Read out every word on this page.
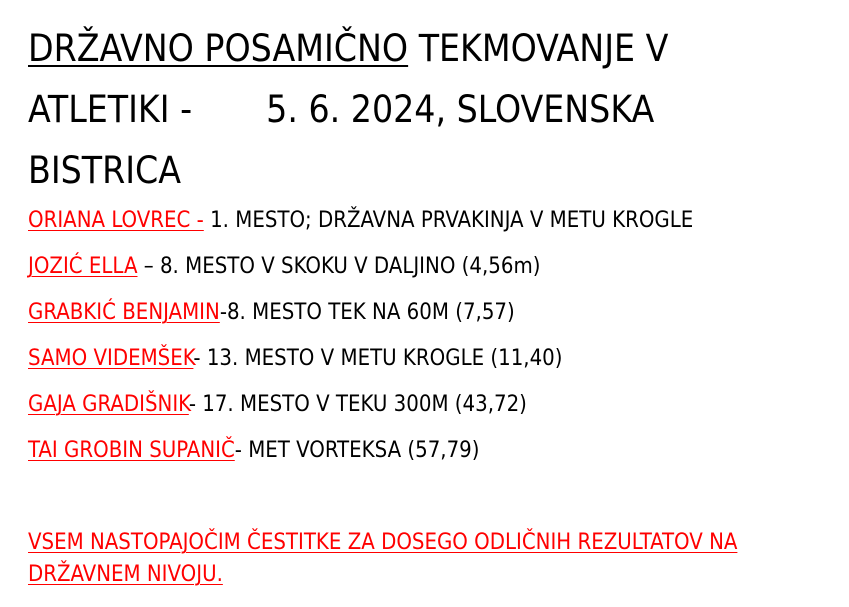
DRŽAVNO POSAMIČNO TEKMOVANJE V
ATLETIKI - 5. 6. 2024, SLOVENSKA
BISTRICA
ORIANA LOVREC - 1. MESTO; DRŽAVNA PRVAKINJA V METU KROGLE
JOZIĆ ELLA – 8. MESTO V SKOKU V DALJINO (4,56m)
GRABKIĆ BENJAMIN-8. MESTO TEK NA 60M (7,57)
SAMO VIDEMŠEK- 13. MESTO V METU KROGLE (11,40)
GAJA GRADIŠNIK- 17. MESTO V TEKU 300M (43,72)
TAI GROBIN SUPANIČ- MET VORTEKSA (57,79)

VSEM NASTOPAJOČIM ČESTITKE ZA DOSEGO ODLIČNIH REZULTATOV NA DRŽAVNEM NIVOJU.
